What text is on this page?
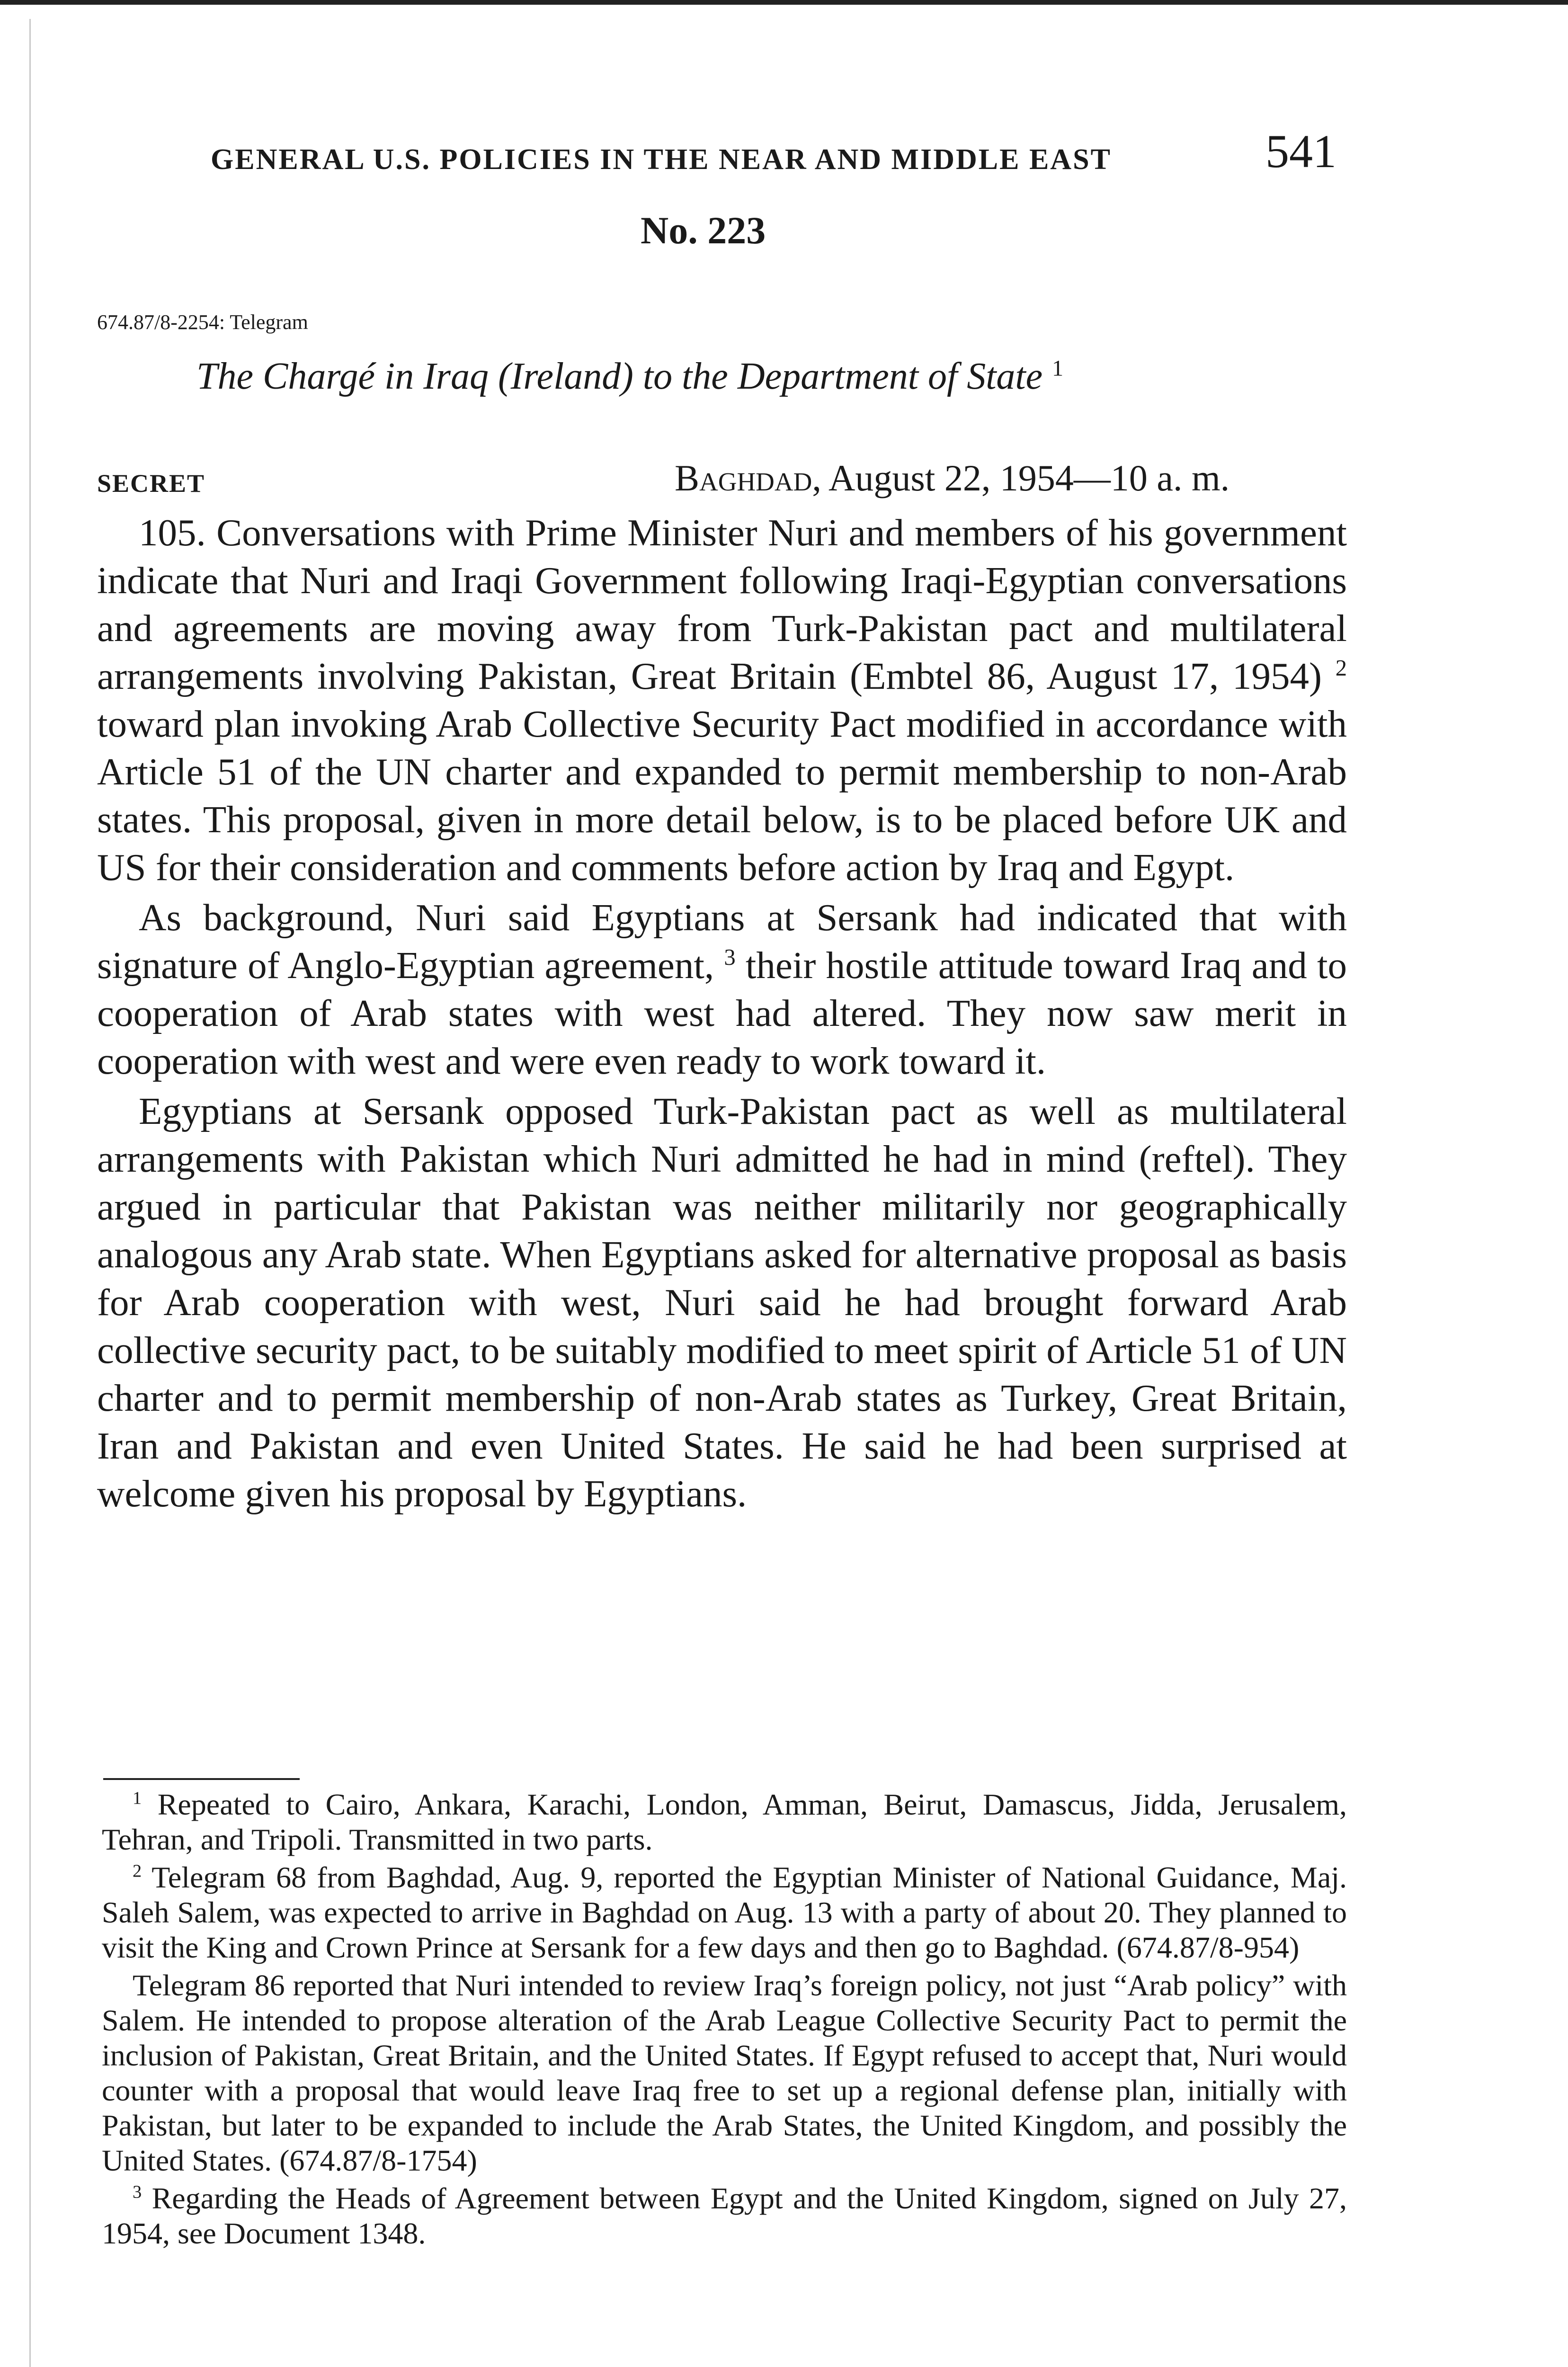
GENERAL U.S. POLICIES IN THE NEAR AND MIDDLE EAST	541
No. 223
674.87/8-2254: Telegram
The Chargé in Iraq (Ireland) to the Department of State $^1$
SECRET	Baghdad, August 22, 1954—10 a. m.

105. Conversations with Prime Minister Nuri and members of his government indicate that Nuri and Iraqi Government following Iraqi-Egyptian conversations and agreements are moving away from Turk-Pakistan pact and multilateral arrangements involving Pakistan, Great Britain (Embtel 86, August 17, 1954) $^2$ toward plan invoking Arab Collective Security Pact modified in accordance with Article 51 of the UN charter and expanded to permit membership to non-Arab states. This proposal, given in more detail below, is to be placed before UK and US for their consideration and comments before action by Iraq and Egypt.

As background, Nuri said Egyptians at Sersank had indicated that with signature of Anglo-Egyptian agreement, $^3$ their hostile attitude toward Iraq and to cooperation of Arab states with west had altered. They now saw merit in cooperation with west and were even ready to work toward it.

Egyptians at Sersank opposed Turk-Pakistan pact as well as multilateral arrangements with Pakistan which Nuri admitted he had in mind (reftel). They argued in particular that Pakistan was neither militarily nor geographically analogous any Arab state. When Egyptians asked for alternative proposal as basis for Arab cooperation with west, Nuri said he had brought forward Arab collective security pact, to be suitably modified to meet spirit of Article 51 of UN charter and to permit membership of non-Arab states as Turkey, Great Britain, Iran and Pakistan and even United States. He said he had been surprised at welcome given his proposal by Egyptians.

$^1$ Repeated to Cairo, Ankara, Karachi, London, Amman, Beirut, Damascus, Jidda, Jerusalem, Tehran, and Tripoli. Transmitted in two parts.

$^2$ Telegram 68 from Baghdad, Aug. 9, reported the Egyptian Minister of National Guidance, Maj. Saleh Salem, was expected to arrive in Baghdad on Aug. 13 with a party of about 20. They planned to visit the King and Crown Prince at Sersank for a few days and then go to Baghdad. (674.87/8-954)

Telegram 86 reported that Nuri intended to review Iraq’s foreign policy, not just “Arab policy” with Salem. He intended to propose alteration of the Arab League Collective Security Pact to permit the inclusion of Pakistan, Great Britain, and the United States. If Egypt refused to accept that, Nuri would counter with a proposal that would leave Iraq free to set up a regional defense plan, initially with Pakistan, but later to be expanded to include the Arab States, the United Kingdom, and possibly the United States. (674.87/8-1754)

$^3$ Regarding the Heads of Agreement between Egypt and the United Kingdom, signed on July 27, 1954, see Document 1348.
